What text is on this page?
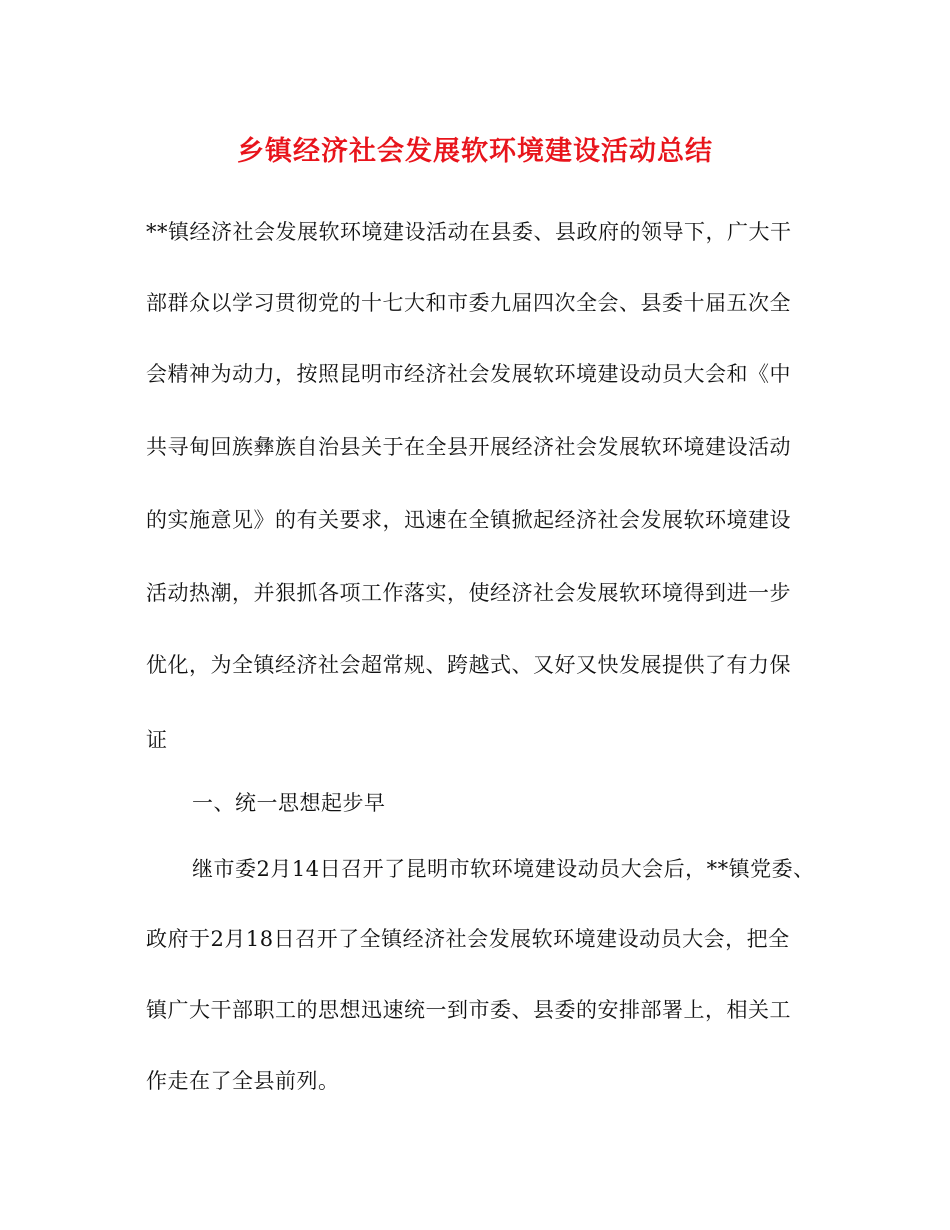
乡镇经济社会发展软环境建设活动总结
**镇经济社会发展软环境建设活动在县委、县政府的领导下，广大干
部群众以学习贯彻党的十七大和市委九届四次全会、县委十届五次全
会精神为动力，按照昆明市经济社会发展软环境建设动员大会和《中
共寻甸回族彝族自治县关于在全县开展经济社会发展软环境建设活动
的实施意见》的有关要求，迅速在全镇掀起经济社会发展软环境建设
活动热潮，并狠抓各项工作落实，使经济社会发展软环境得到进一步
优化，为全镇经济社会超常规、跨越式、又好又快发展提供了有力保
证
一、统一思想起步早
继市委2月14日召开了昆明市软环境建设动员大会后，**镇党委、
政府于2月18日召开了全镇经济社会发展软环境建设动员大会，把全
镇广大干部职工的思想迅速统一到市委、县委的安排部署上，相关工
作走在了全县前列。
